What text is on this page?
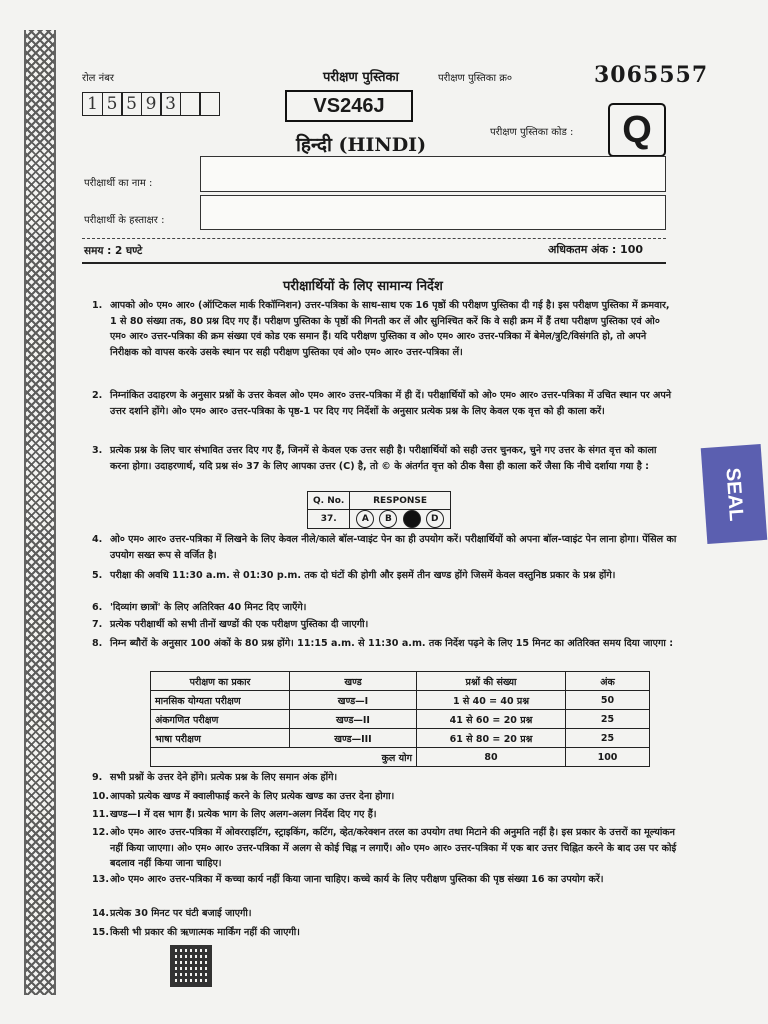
रोल नंबर
1 5 5 9 3
परीक्षण पुस्तिका	परीक्षण पुस्तिका क्र०	3065557
VS246J
हिन्दी (HINDI)
परीक्षण पुस्तिका कोड :	Q
परीक्षार्थी का नाम :
परीक्षार्थी के हस्ताक्षर :
समय : 2 घण्टे	अधिकतम अंक : 100
परीक्षार्थियों के लिए सामान्य निर्देश
1. आपको ओ० एम० आर० (ऑप्टिकल मार्क रिकॉग्निशन) उत्तर-पत्रिका के साथ-साथ एक 16 पृष्ठों की परीक्षण पुस्तिका दी गई है। इस परीक्षण पुस्तिका में क्रमवार, 1 से 80 संख्या तक, 80 प्रश्न दिए गए हैं। परीक्षण पुस्तिका के पृष्ठों की गिनती कर लें और सुनिश्चित करें कि वे सही क्रम में हैं तथा परीक्षण पुस्तिका एवं ओ० एम० आर० उत्तर-पत्रिका की क्रम संख्या एवं कोड एक समान हैं। यदि परीक्षण पुस्तिका व ओ० एम० आर० उत्तर-पत्रिका में बेमेल/त्रुटि/विसंगति हो, तो अपने निरीक्षक को वापस करके उसके स्थान पर सही परीक्षण पुस्तिका एवं ओ० एम० आर० उत्तर-पत्रिका लें।
2. निम्नांकित उदाहरण के अनुसार प्रश्नों के उत्तर केवल ओ० एम० आर० उत्तर-पत्रिका में ही दें। परीक्षार्थियों को ओ० एम० आर० उत्तर-पत्रिका में उचित स्थान पर अपने उत्तर दर्शाने होंगे। ओ० एम० आर० उत्तर-पत्रिका के पृष्ठ-1 पर दिए गए निर्देशों के अनुसार प्रत्येक प्रश्न के लिए केवल एक वृत्त को ही काला करें।
3. प्रत्येक प्रश्न के लिए चार संभावित उत्तर दिए गए हैं, जिनमें से केवल एक उत्तर सही है। परीक्षार्थियों को सही उत्तर चुनकर, चुने गए उत्तर के संगत वृत्त को काला करना होगा। उदाहरणार्थ, यदि प्रश्न सं० 37 के लिए आपका उत्तर (C) है, तो © के अंतर्गत वृत्त को ठीक वैसा ही काला करें जैसा कि नीचे दर्शाया गया है :
Q. No.	RESPONSE
37.	A B C D
4. ओ० एम० आर० उत्तर-पत्रिका में लिखने के लिए केवल नीले/काले बॉल-प्वाइंट पेन का ही उपयोग करें। परीक्षार्थियों को अपना बॉल-प्वाइंट पेन लाना होगा। पेंसिल का उपयोग सख्त रूप से वर्जित है।
5. परीक्षा की अवधि 11:30 a.m. से 01:30 p.m. तक दो घंटों की होगी और इसमें तीन खण्ड होंगे जिसमें केवल वस्तुनिष्ठ प्रकार के प्रश्न होंगे।
6. 'दिव्यांग छात्रों' के लिए अतिरिक्त 40 मिनट दिए जाएँगे।
7. प्रत्येक परीक्षार्थी को सभी तीनों खण्डों की एक परीक्षण पुस्तिका दी जाएगी।
8. निम्न ब्यौरों के अनुसार 100 अंकों के 80 प्रश्न होंगे। 11:15 a.m. से 11:30 a.m. तक निर्देश पढ़ने के लिए 15 मिनट का अतिरिक्त समय दिया जाएगा :
परीक्षण का प्रकार	खण्ड	प्रश्नों की संख्या	अंक
मानसिक योग्यता परीक्षण	खण्ड—I	1 से 40 = 40 प्रश्न	50
अंकगणित परीक्षण	खण्ड—II	41 से 60 = 20 प्रश्न	25
भाषा परीक्षण	खण्ड—III	61 से 80 = 20 प्रश्न	25
कुल योग		80	100
9. सभी प्रश्नों के उत्तर देने होंगे। प्रत्येक प्रश्न के लिए समान अंक होंगे।
10. आपको प्रत्येक खण्ड में क्वालीफाई करने के लिए प्रत्येक खण्ड का उत्तर देना होगा।
11. खण्ड—I में दस भाग हैं। प्रत्येक भाग के लिए अलग-अलग निर्देश दिए गए हैं।
12. ओ० एम० आर० उत्तर-पत्रिका में ओवरराइटिंग, स्ट्राइकिंग, कटिंग, व्हेत/करेक्शन तरल का उपयोग तथा मिटाने की अनुमति नहीं है। इस प्रकार के उत्तरों का मूल्यांकन नहीं किया जाएगा। ओ० एम० आर० उत्तर-पत्रिका में अलग से कोई चिह्न न लगाएँ। ओ० एम० आर० उत्तर-पत्रिका में एक बार उत्तर चिह्नित करने के बाद उस पर कोई बदलाव नहीं किया जाना चाहिए।
13. ओ० एम० आर० उत्तर-पत्रिका में कच्चा कार्य नहीं किया जाना चाहिए। कच्चे कार्य के लिए परीक्षण पुस्तिका की पृष्ठ संख्या 16 का उपयोग करें।
14. प्रत्येक 30 मिनट पर घंटी बजाई जाएगी।
15. किसी भी प्रकार की ऋणात्मक मार्किंग नहीं की जाएगी।
SEAL
